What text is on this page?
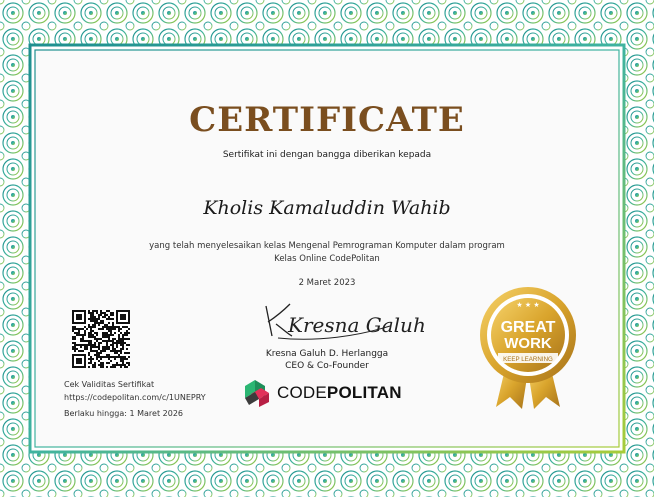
CERTIFICATE
Sertifikat ini dengan bangga diberikan kepada
Kholis Kamaluddin Wahib
yang telah menyelesaikan kelas Mengenal Pemrograman Komputer dalam program Kelas Online CodePolitan
2 Maret 2023
Kresna Galuh
Kresna Galuh D. Herlangga
CEO & Co-Founder
CODEPOLITAN
Cek Validitas Sertifikat
https://codepolitan.com/c/1UNEPRY
Berlaku hingga: 1 Maret 2026
★ ★ ★
GREAT
WORK
KEEP LEARNING
